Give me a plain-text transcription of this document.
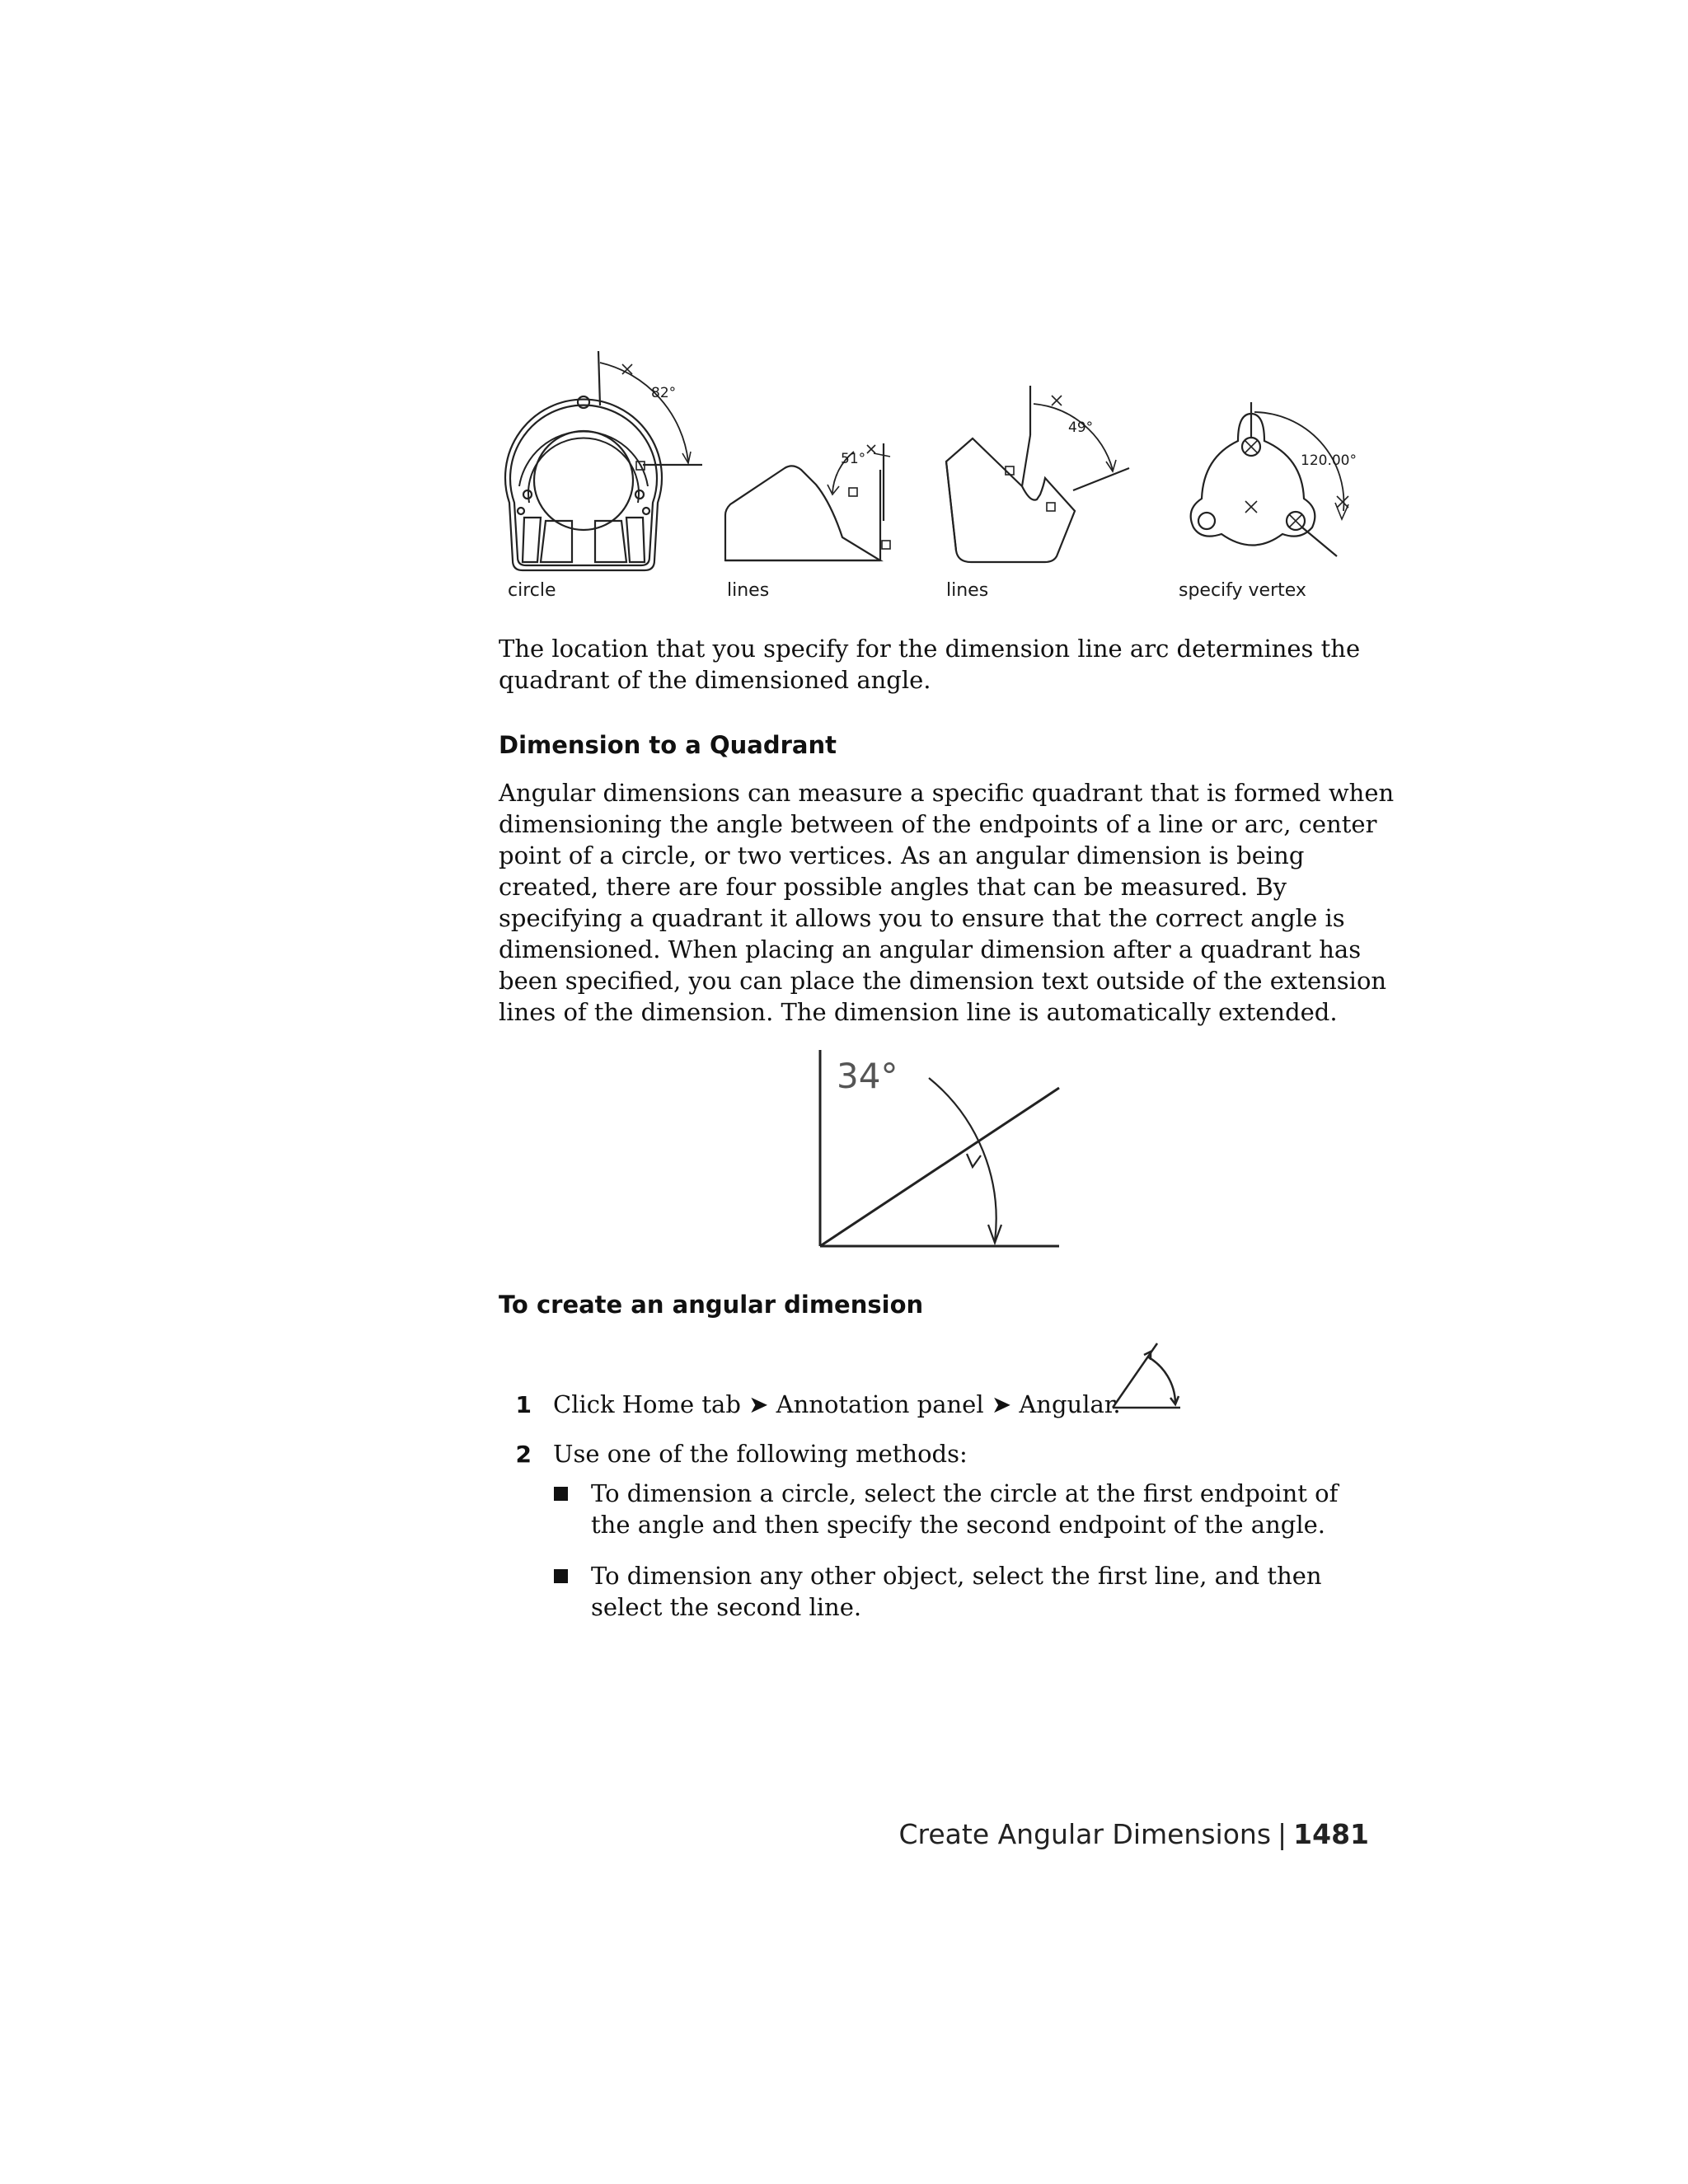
82°
51°
49°
120.00°
circle	lines	lines	specify vertex

The location that you specify for the dimension line arc determines the quadrant of the dimensioned angle.

Dimension to a Quadrant

Angular dimensions can measure a specific quadrant that is formed when dimensioning the angle between of the endpoints of a line or arc, center point of a circle, or two vertices. As an angular dimension is being created, there are four possible angles that can be measured. By specifying a quadrant it allows you to ensure that the correct angle is dimensioned. When placing an angular dimension after a quadrant has been specified, you can place the dimension text outside of the extension lines of the dimension. The dimension line is automatically extended.

34°
To create an angular dimension
1 Click Home tab ➤ Annotation panel ➤ Angular.

2 Use one of the following methods:

To dimension a circle, select the circle at the first endpoint of the angle and then specify the second endpoint of the angle.

To dimension any other object, select the first line, and then select the second line.

Create Angular Dimensions | 1481
